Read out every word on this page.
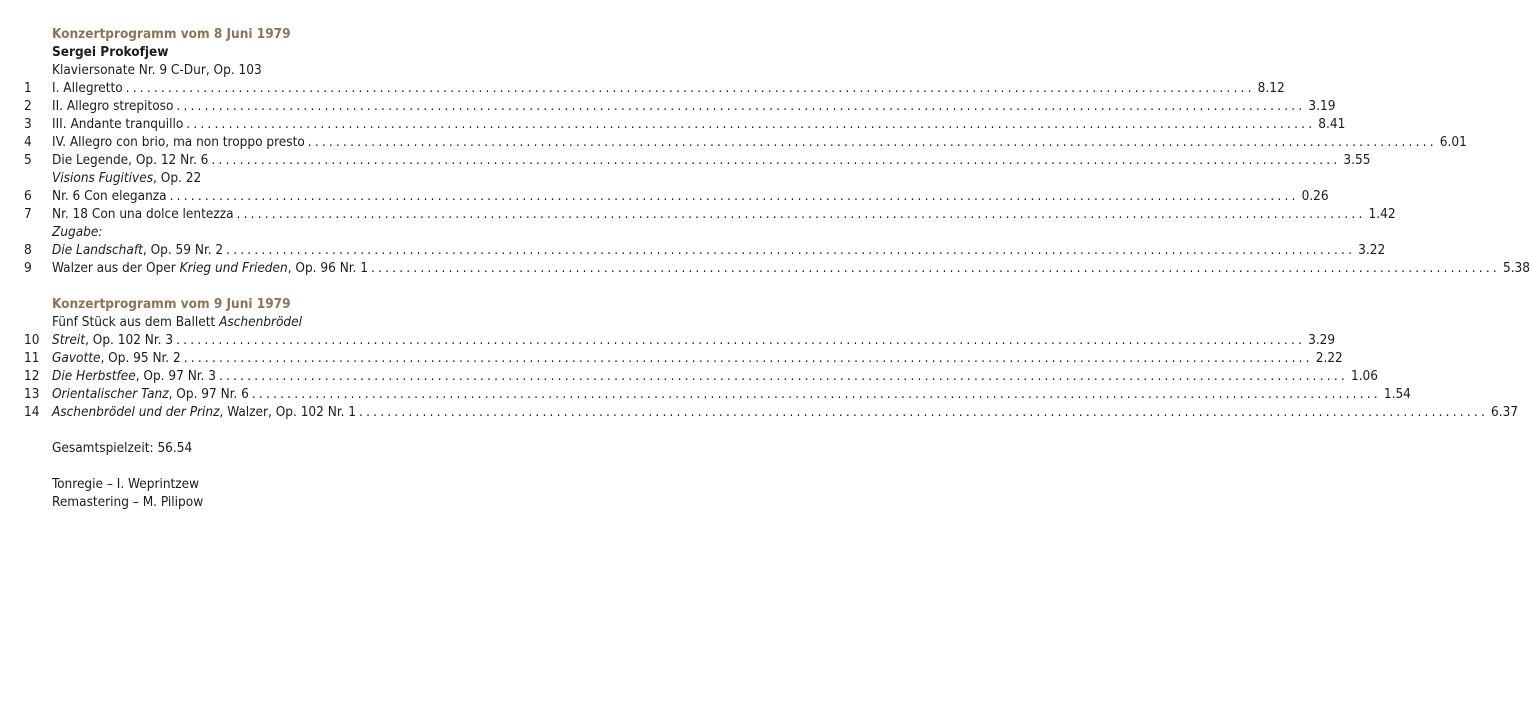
Konzertprogramm vom 8 Juni 1979
Sergei Prokofjew
Klaviersonate Nr. 9 C-Dur, Op. 103
1 I. Allegretto ................................................................................................................................................................ 8.12
2 II. Allegro strepitoso ................................................................................................................................................................ 3.19
3 III. Andante tranquillo ................................................................................................................................................................ 8.41
4 IV. Allegro con brio, ma non troppo presto ................................................................................................................................................................ 6.01
5 Die Legende, Op. 12 Nr. 6 ................................................................................................................................................................ 3.55
Visions Fugitives, Op. 22
6 Nr. 6 Con eleganza ................................................................................................................................................................ 0.26
7 Nr. 18 Con una dolce lentezza ................................................................................................................................................................ 1.42
Zugabe:
8 Die Landschaft, Op. 59 Nr. 2 ................................................................................................................................................................ 3.22
9 Walzer aus der Oper Krieg und Frieden, Op. 96 Nr. 1 ................................................................................................................................................................ 5.38
Konzertprogramm vom 9 Juni 1979
Fünf Stück aus dem Ballett Aschenbrödel
10 Streit, Op. 102 Nr. 3 ................................................................................................................................................................ 3.29
11 Gavotte, Op. 95 Nr. 2 ................................................................................................................................................................ 2.22
12 Die Herbstfee, Op. 97 Nr. 3 ................................................................................................................................................................ 1.06
13 Orientalischer Tanz, Op. 97 Nr. 6 ................................................................................................................................................................ 1.54
14 Aschenbrödel und der Prinz, Walzer, Op. 102 Nr. 1 ................................................................................................................................................................ 6.37
Gesamtspielzeit: 56.54
Tonregie – I. Weprintzew
Remastering – M. Pilipow
